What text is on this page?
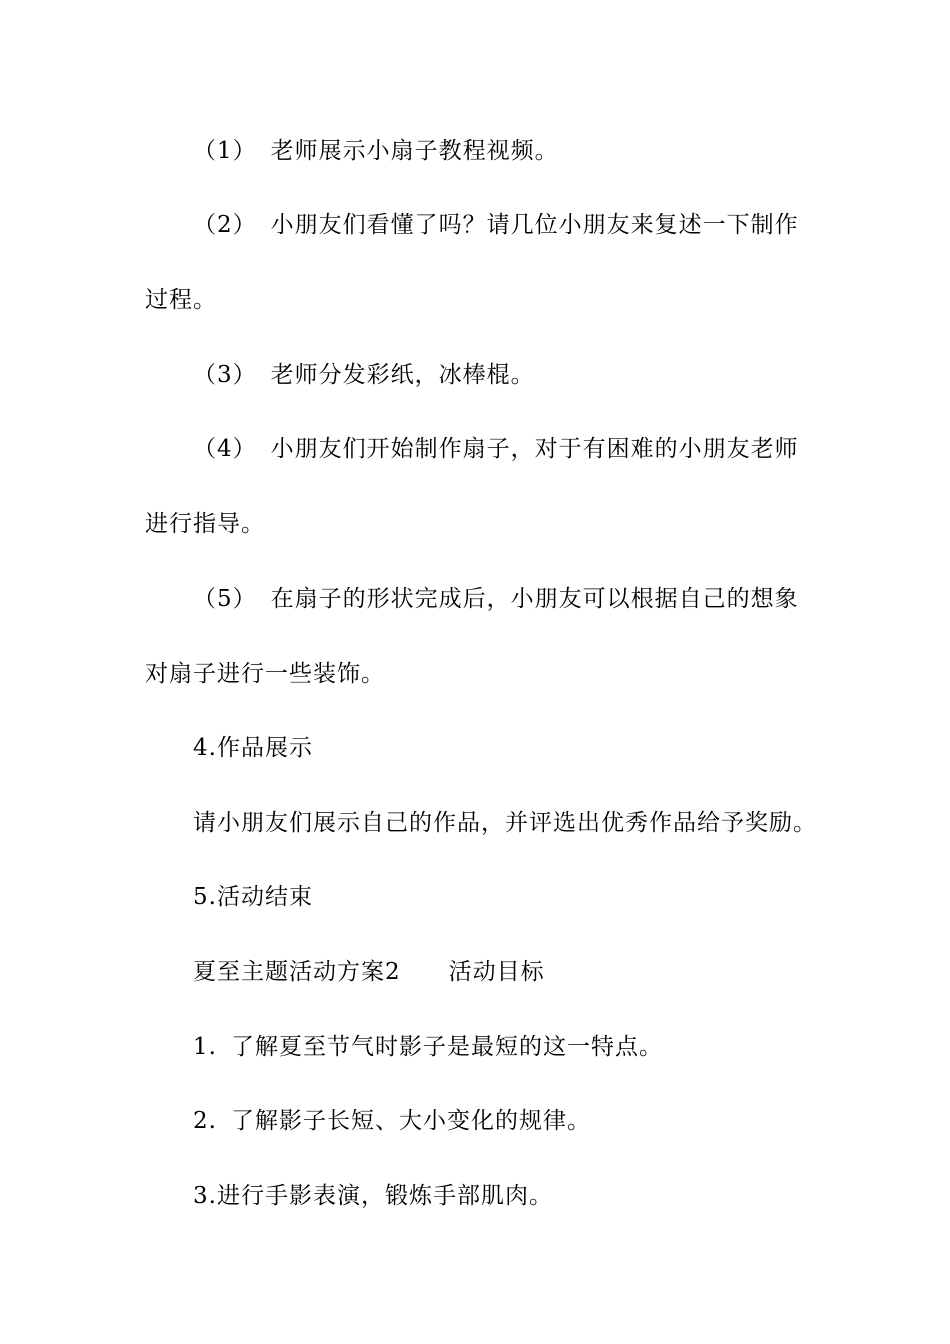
（1） 老师展示小扇子教程视频。
（2） 小朋友们看懂了吗？请几位小朋友来复述一下制作
过程。
（3） 老师分发彩纸，冰棒棍。
（4） 小朋友们开始制作扇子，对于有困难的小朋友老师
进行指导。
（5） 在扇子的形状完成后，小朋友可以根据自己的想象
对扇子进行一些装饰。
4.作品展示
请小朋友们展示自己的作品，并评选出优秀作品给予奖励。
5.活动结束
夏至主题活动方案2 活动目标
1. 了解夏至节气时影子是最短的这一特点。
2. 了解影子长短、大小变化的规律。
3.进行手影表演，锻炼手部肌肉。
